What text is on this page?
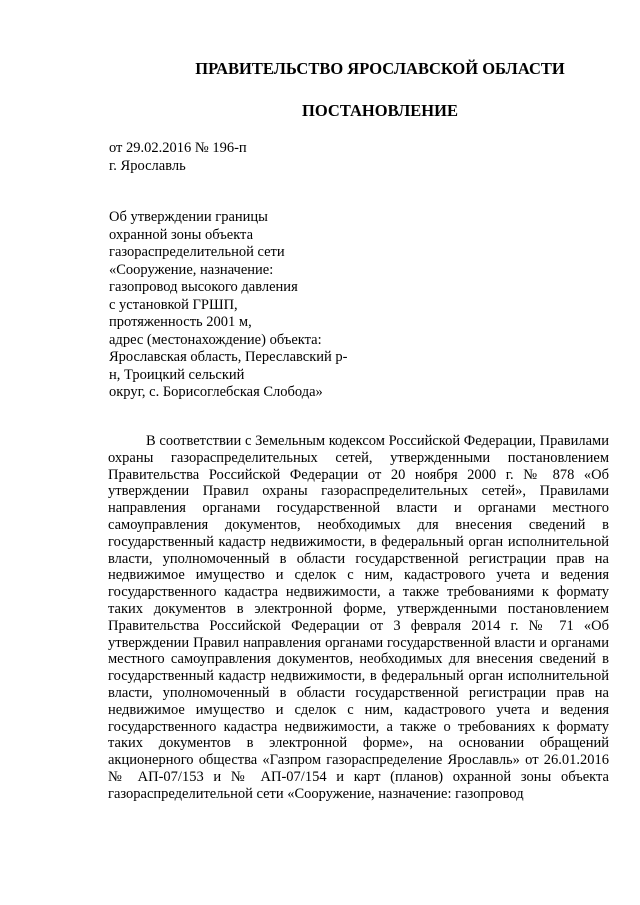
ПРАВИТЕЛЬСТВО ЯРОСЛАВСКОЙ ОБЛАСТИ
ПОСТАНОВЛЕНИЕ
от 29.02.2016 № 196-п
г. Ярославль
Об утверждении границы
охранной зоны объекта
газораспределительной сети
«Сооружение, назначение:
газопровод высокого давления
с установкой ГРШП,
протяженность 2001 м,
адрес (местонахождение) объекта:
Ярославская область, Переславский р-
н, Троицкий сельский
округ, с. Борисоглебская Слобода»

В соответствии с Земельным кодексом Российской Федерации, Правилами охраны газораспределительных сетей, утвержденными постановлением Правительства Российской Федерации от 20 ноября 2000 г. № 878 «Об утверждении Правил охраны газораспределительных сетей», Правилами направления органами государственной власти и органами местного самоуправления документов, необходимых для внесения сведений в государственный кадастр недвижимости, в федеральный орган исполнительной власти, уполномоченный в области государственной регистрации прав на недвижимое имущество и сделок с ним, кадастрового учета и ведения государственного кадастра недвижимости, а также требованиями к формату таких документов в электронной форме, утвержденными постановлением Правительства Российской Федерации от 3 февраля 2014 г. № 71 «Об утверждении Правил направления органами государственной власти и органами местного самоуправления документов, необходимых для внесения сведений в государственный кадастр недвижимости, в федеральный орган исполнительной власти, уполномоченный в области государственной регистрации прав на недвижимое имущество и сделок с ним, кадастрового учета и ведения государственного кадастра недвижимости, а также о требованиях к формату таких документов в электронной форме», на основании обращений акционерного общества «Газпром газораспределение Ярославль» от 26.01.2016 № АП-07/153 и № АП-07/154 и карт (планов) охранной зоны объекта газораспределительной сети «Сооружение, назначение: газопровод
